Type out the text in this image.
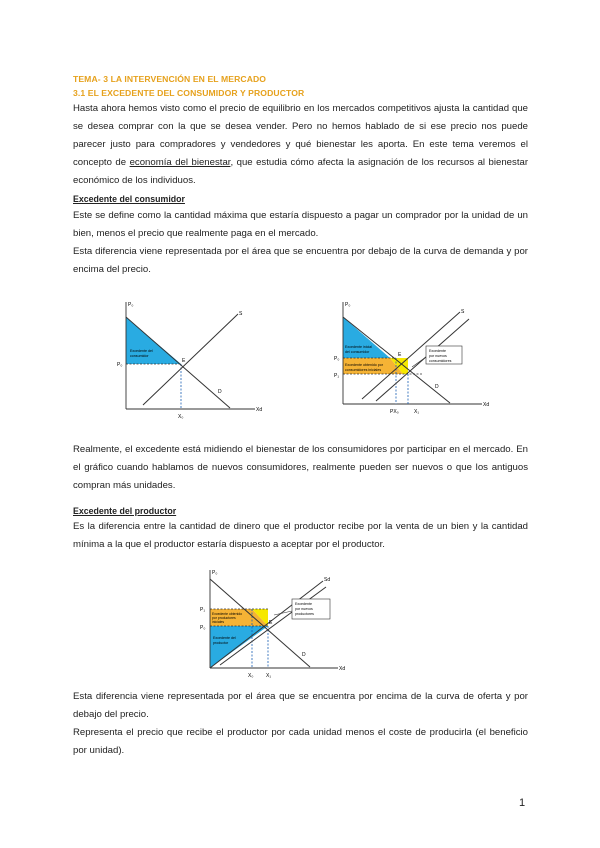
TEMA- 3 LA INTERVENCIÓN EN EL MERCADO
3.1 EL EXCEDENTE DEL CONSUMIDOR Y PRODUCTOR

Hasta ahora hemos visto como el precio de equilibrio en los mercados competitivos ajusta la cantidad que se desea comprar con la que se desea vender. Pero no hemos hablado de si ese precio nos puede parecer justo para compradores y vendedores y qué bienestar les aporta. En este tema veremos el concepto de economía del bienestar, que estudia cómo afecta la asignación de los recursos al bienestar económico de los individuos.

Excedente del consumidor

Este se define como la cantidad máxima que estaría dispuesto a pagar un comprador por la unidad de un bien, menos el precio que realmente paga en el mercado.

Esta diferencia viene representada por el área que se encuentra por debajo de la curva de demanda y por encima del precio.

P₀
P₀
Xd
X₀
S
D
E
Excedente del
consumidor
Excedente
por nuevos
consumidores
Excedente inicial
del consumidor
Excedente obtenido por
consumidores iniciales
P₀
P₀
P₁
Xd
PX₀	X₁
S
D
E

Realmente, el excedente está midiendo el bienestar de los consumidores por participar en el mercado. En el gráfico cuando hablamos de nuevos consumidores, realmente pueden ser nuevos o que los antiguos compran más unidades.

Excedente del productor

Es la diferencia entre la cantidad de dinero que el productor recibe por la venta de un bien y la cantidad mínima a la que el productor estaría dispuesto a aceptar por el productor.

Excedente
por nuevos
productores
Excedente obtenido
por productores
iniciales
Excedente del
productor
P₀
P₁
P₀
Xd
X₀	X₁
Sd
D
E

Esta diferencia viene representada por el área que se encuentra por encima de la curva de oferta y por debajo del precio.

Representa el precio que recibe el productor por cada unidad menos el coste de producirla (el beneficio por unidad).

1
